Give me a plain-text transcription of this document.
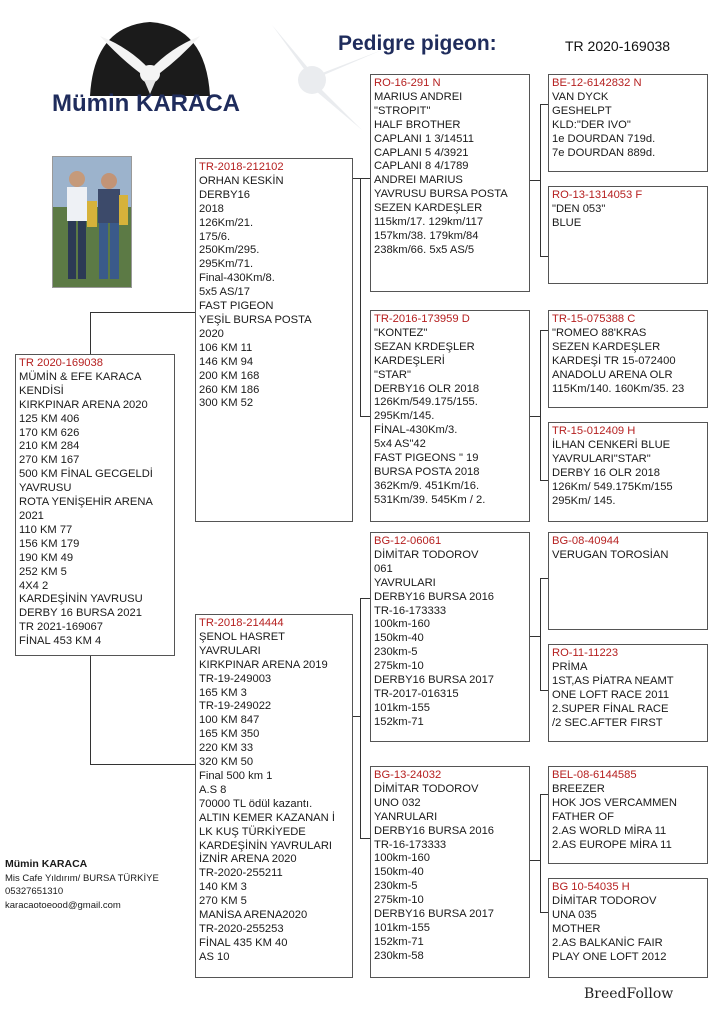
Mümin KARACA
Pedigre pigeon:	TR 2020-169038
TR 2020-169038
MÜMİN & EFE KARACA
KENDİSİ
KIRKPINAR ARENA 2020
125 KM 406
170 KM 626
210 KM 284
270 KM 167
500 KM FİNAL GECGELDİ
YAVRUSU
ROTA YENİŞEHİR ARENA
2021
110 KM 77
156 KM 179
190 KM 49
252 KM 5
4X4 2
KARDEŞİNİN YAVRUSU
DERBY 16 BURSA 2021
TR 2021-169067
FİNAL 453 KM 4
TR-2018-212102
ORHAN KESKİN
DERBY16
2018
126Km/21.
175/6.
250Km/295.
295Km/71.
Final-430Km/8.
5x5 AS/17
FAST PIGEON
YEŞİL BURSA POSTA
2020
106 KM 11
146 KM 94
200 KM 168
260 KM 186
300 KM 52
TR-2018-214444
ŞENOL HASRET
YAVRULARI
KIRKPINAR ARENA 2019
TR-19-249003
165 KM 3
TR-19-249022
100 KM 847
165 KM 350
220 KM 33
320 KM 50
Final 500 km 1
A.S 8
70000 TL ödül kazantı.
ALTIN KEMER KAZANAN İ
LK KUŞ TÜRKİYEDE
KARDEŞİNİN YAVRULARI
İZNİR ARENA 2020
TR-2020-255211
140 KM 3
270 KM 5
MANİSA ARENA2020
TR-2020-255253
FİNAL 435 KM 40
AS 10
RO-16-291 N
MARIUS ANDREI
"STROPIT"
HALF BROTHER
CAPLANI 1 3/14511
CAPLANI 5 4/3921
CAPLANI 8 4/1789
ANDREI MARIUS
YAVRUSU BURSA POSTA
SEZEN KARDEŞLER
115km/17. 129km/117
157km/38. 179km/84
238km/66. 5x5 AS/5
TR-2016-173959 D
"KONTEZ"
SEZAN KRDEŞLER
KARDEŞLERİ
"STAR"
DERBY16 OLR 2018
126Km/549.175/155.
295Km/145.
FİNAL-430Km/3.
5x4 AS"42
FAST PIGEONS " 19
BURSA POSTA 2018
362Km/9. 451Km/16.
531Km/39. 545Km / 2.
BG-12-06061
DİMİTAR TODOROV
061
YAVRULARI
DERBY16 BURSA 2016
TR-16-173333
100km-160
150km-40
230km-5
275km-10
DERBY16 BURSA 2017
TR-2017-016315
101km-155
152km-71
BG-13-24032
DİMİTAR TODOROV
UNO 032
YANRULARI
DERBY16 BURSA 2016
TR-16-173333
100km-160
150km-40
230km-5
275km-10
DERBY16 BURSA 2017
101km-155
152km-71
230km-58
BE-12-6142832 N
VAN DYCK
GESHELPT
KLD:"DER IVO"
1e DOURDAN 719d.
7e DOURDAN 889d.
RO-13-1314053 F
"DEN 053"
BLUE
TR-15-075388 C
"ROMEO 88'KRAS
SEZEN KARDEŞLER
KARDEŞİ TR 15-072400
ANADOLU ARENA OLR
115Km/140. 160Km/35. 23
TR-15-012409 H
İLHAN CENKERİ BLUE
YAVRULARI"STAR"
DERBY 16 OLR 2018
126Km/ 549.175Km/155
295Km/ 145.
BG-08-40944
VERUGAN TOROSİAN
RO-11-11223
PRİMA
1ST,AS PİATRA NEAMT
ONE LOFT RACE 2011
2.SUPER FİNAL RACE
/2 SEC.AFTER FIRST
BEL-08-6144585
BREEZER
HOK JOS VERCAMMEN
FATHER OF
2.AS WORLD MİRA 11
2.AS EUROPE MİRA 11
BG 10-54035 H
DİMİTAR TODOROV
UNA 035
MOTHER
2.AS BALKANİC FAIR
PLAY ONE LOFT 2012
Mümin KARACA
Mis Cafe Yıldırım/ BURSA TÜRKİYE
05327651310
karacaotoeood@gmail.com
BreedFollow
